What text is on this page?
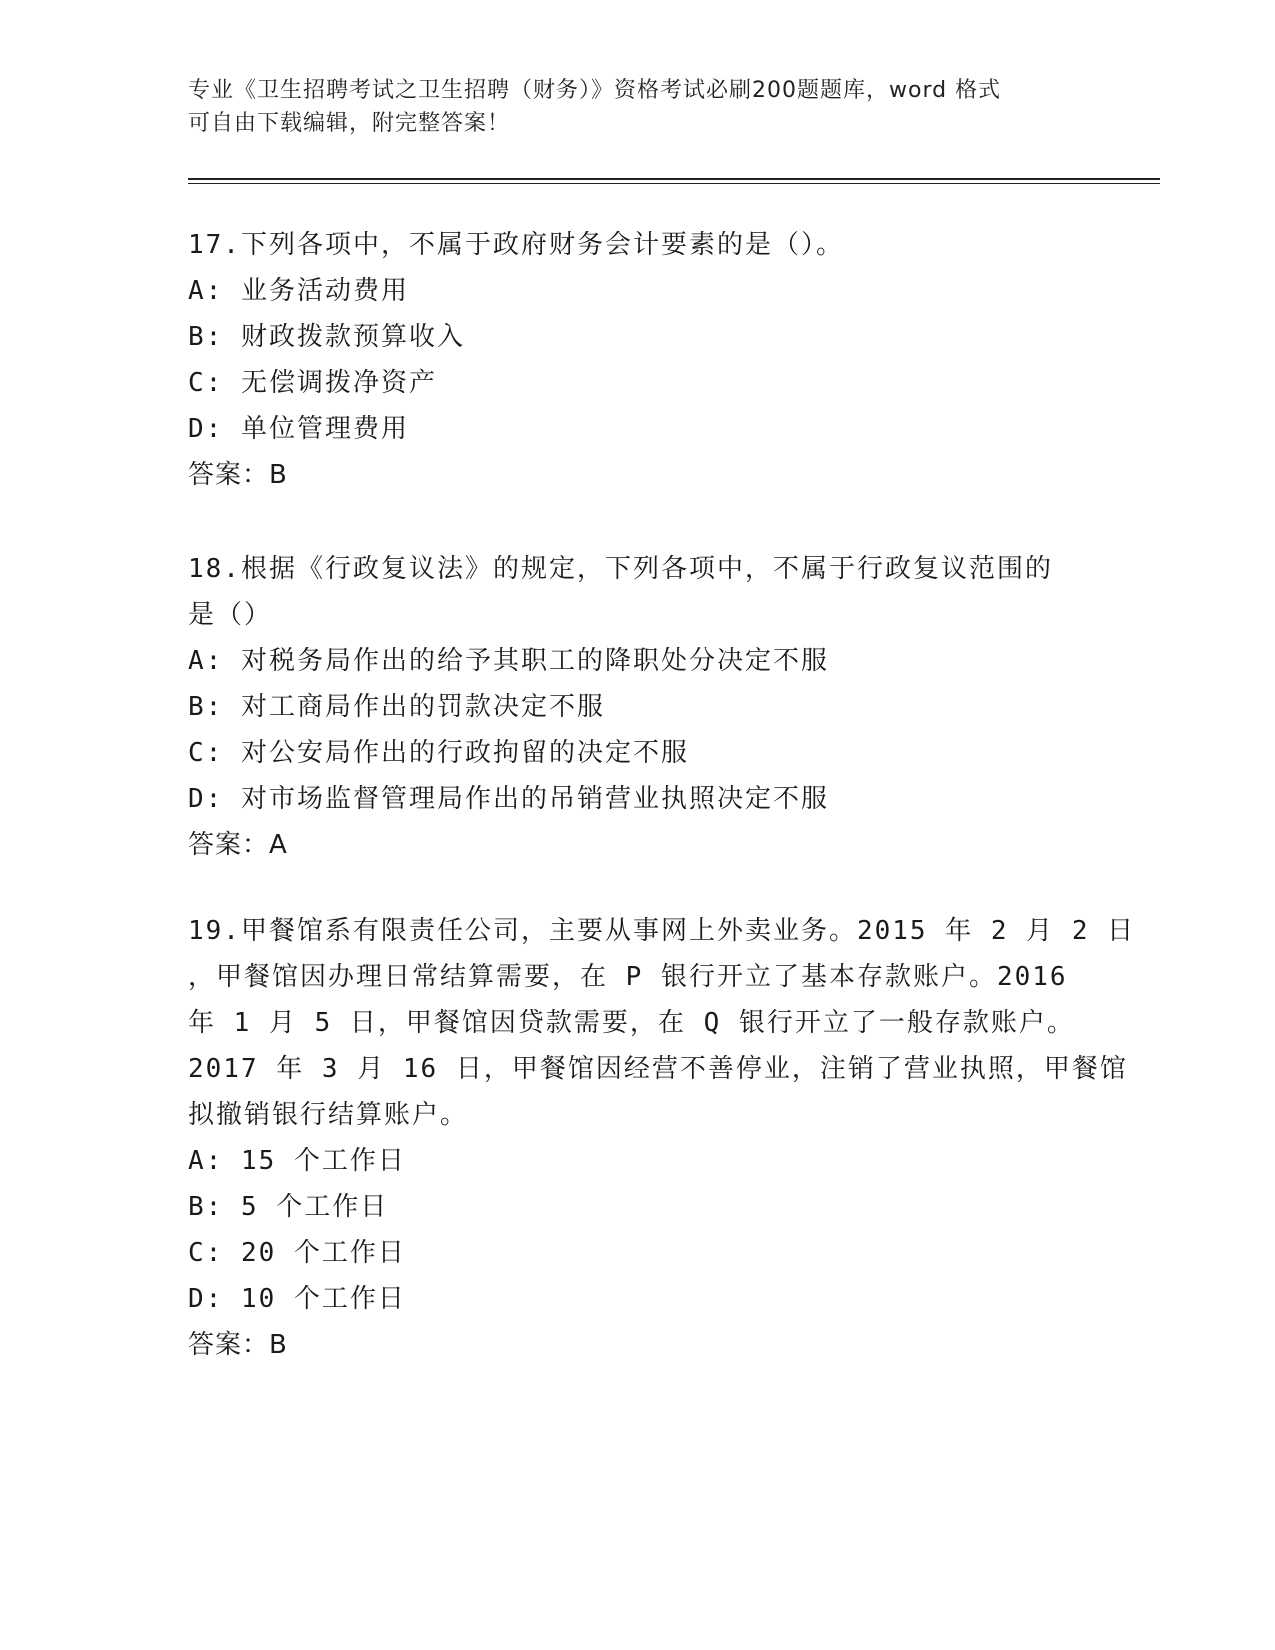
专业《卫生招聘考试之卫生招聘（财务）》资格考试必刷200题题库，word 格式
可自由下载编辑，附完整答案！
17.下列各项中，不属于政府财务会计要素的是（）。
A: 业务活动费用
B: 财政拨款预算收入
C: 无偿调拨净资产
D: 单位管理费用
答案：B
18.根据《行政复议法》的规定，下列各项中，不属于行政复议范围的
是（）
A: 对税务局作出的给予其职工的降职处分决定不服
B: 对工商局作出的罚款决定不服
C: 对公安局作出的行政拘留的决定不服
D: 对市场监督管理局作出的吊销营业执照决定不服
答案：A
19.甲餐馆系有限责任公司，主要从事网上外卖业务。2015 年 2 月 2 日
，甲餐馆因办理日常结算需要，在 P 银行开立了基本存款账户。2016
年 1 月 5 日，甲餐馆因贷款需要，在 Q 银行开立了一般存款账户。
2017 年 3 月 16 日，甲餐馆因经营不善停业，注销了营业执照，甲餐馆
拟撤销银行结算账户。
A: 15 个工作日
B: 5 个工作日
C: 20 个工作日
D: 10 个工作日
答案：B
